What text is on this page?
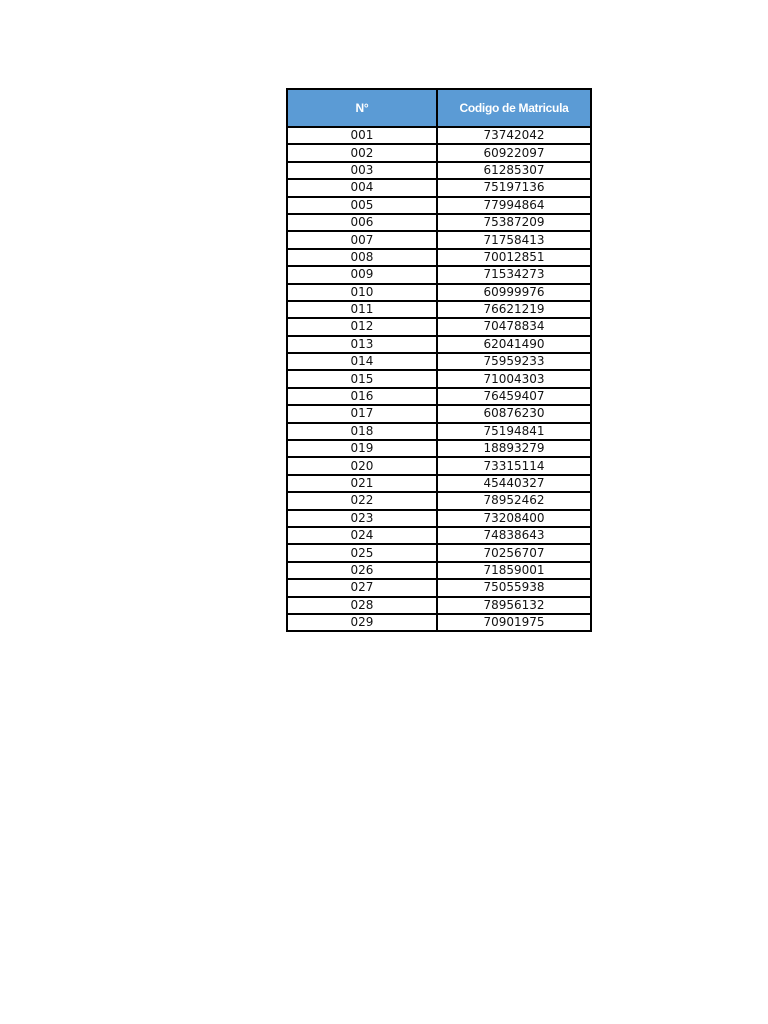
N°	Codigo de Matricula
001	73742042
002	60922097
003	61285307
004	75197136
005	77994864
006	75387209
007	71758413
008	70012851
009	71534273
010	60999976
011	76621219
012	70478834
013	62041490
014	75959233
015	71004303
016	76459407
017	60876230
018	75194841
019	18893279
020	73315114
021	45440327
022	78952462
023	73208400
024	74838643
025	70256707
026	71859001
027	75055938
028	78956132
029	70901975
